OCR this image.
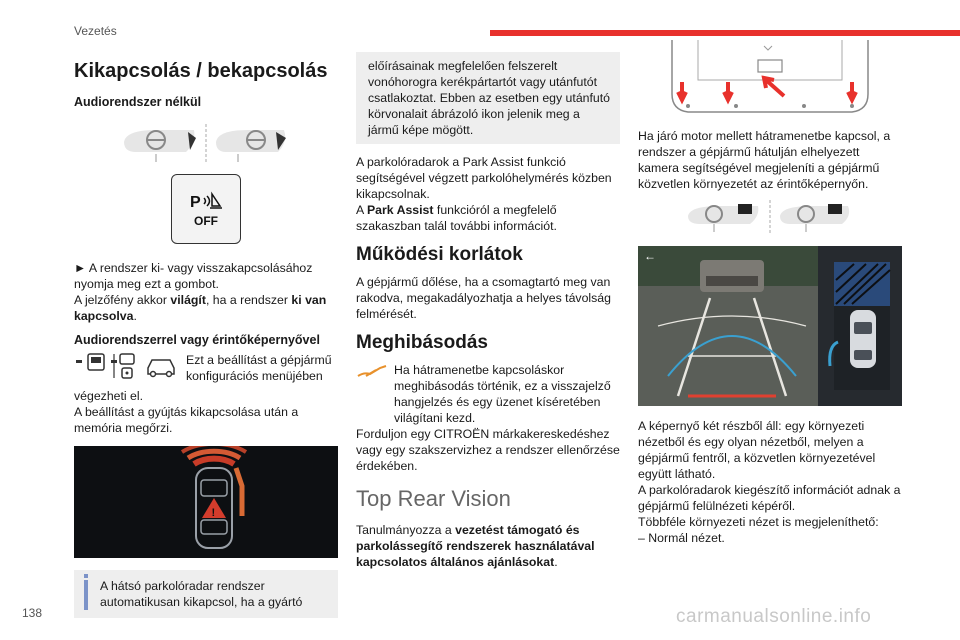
Vezetés
138	carmanualsonline.info
Kikapcsolás / bekapcsolás
Audiorendszer nélkül
P
OFF

► A rendszer ki- vagy visszakapcsolásához nyomja meg ezt a gombot.

A jelzőfény akkor világít, ha a rendszer ki van kapcsolva.

Audiorendszerrel vagy érintőképernyővel
Ezt a beállítást a gépjármű konfigurációs menüjében

végezheti el.

A beállítást a gyújtás kikapcsolása után a memória megőrzi.

!

A hátsó parkolóradar rendszer automatikusan kikapcsol, ha a gyártó

előírásainak megfelelően felszerelt vonóhorogra kerékpártartót vagy utánfutót csatlakoztat. Ebben az esetben egy utánfutó körvonalait ábrázoló ikon jelenik meg a jármű képe mögött.

A parkolóradarok a Park Assist funkció segítségével végzett parkolóhelymérés közben kikapcsolnak.

A Park Assist funkcióról a megfelelő szakaszban talál további információt.

Működési korlátok

A gépjármű dőlése, ha a csomagtartó meg van rakodva, megakadályozhatja a helyes távolság felmérését.

Meghibásodás

Ha hátramenetbe kapcsoláskor meghibásodás történik, ez a visszajelző hangjelzés és egy üzenet kíséretében világítani kezd.

Forduljon egy CITROËN márkakereskedéshez vagy egy szakszervizhez a rendszer ellenőrzése érdekében.

Top Rear Vision

Tanulmányozza a vezetést támogató és parkolássegítő rendszerek használatával kapcsolatos általános ajánlásokat.

Ha járó motor mellett hátramenetbe kapcsol, a rendszer a gépjármű hátulján elhelyezett kamera segítségével megjeleníti a gépjármű közvetlen környezetét az érintőképernyőn.

←

A képernyő két részből áll: egy környezeti nézetből és egy olyan nézetből, melyen a gépjármű fentről, a közvetlen környezetével együtt látható.

A parkolóradarok kiegészítő információt adnak a gépjármű felülnézeti képéről.

Többféle környezeti nézet is megjeleníthető:

– Normál nézet.
